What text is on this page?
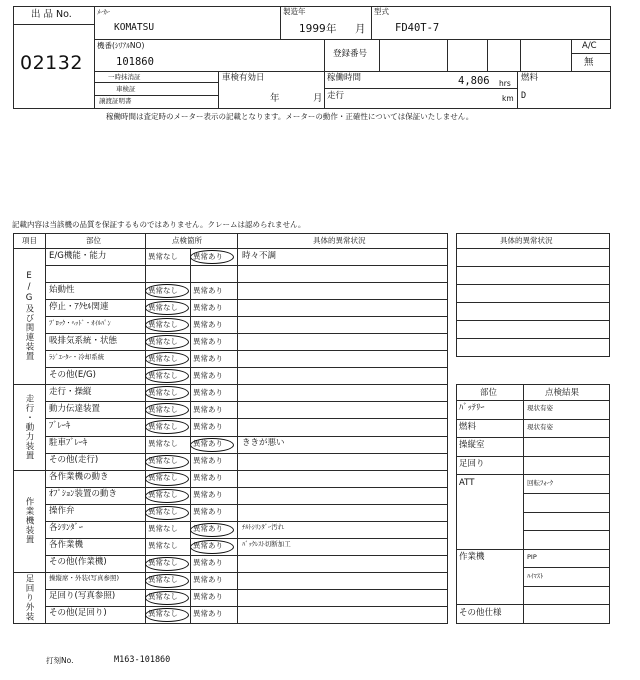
出 品 No.
02132
ﾒｰｶｰ
KOMATSU
製造年
1999 年 月
型式
FD40T-7
機番(ｼﾘｱﾙNO)
101860
登録番号
A/C
無
一時抹消証
車検証
譲渡証明書
車検有効日
年	月
稼働時間	4,806 hrs
km
走行
燃料
D
稼働時間は査定時のメーター表示の記載となります。メーターの動作・正確性については保証いたしません。
記載内容は当該機の品質を保証するものではありません。クレームは認められません。
項目	部位	点検箇所	具体的異常状況
E/G及び関連装置
E/G機能・能力	異常なし 異常あり 時々不調
始動性	異常なし 異常あり
停止・ｱｸｾﾙ関連	異常なし 異常あり
ﾌﾞﾛｯｸ・ﾍｯﾄﾞ・ｵｲﾙﾊﾟﾝ	異常なし 異常あり
吸排気系統・状態	異常なし 異常あり
ﾗｼﾞｴｰﾀｰ・冷却系統	異常なし 異常あり
その他(E/G)	異常なし 異常あり
走行・動力装置
走行・操縦	異常なし 異常あり
動力伝達装置	異常なし 異常あり
ﾌﾞﾚｰｷ	異常なし 異常あり
駐車ﾌﾞﾚｰｷ	異常なし 異常あり ききが悪い
その他(走行)	異常なし 異常あり
作業機装置
各作業機の動き	異常なし 異常あり
ｵﾌﾟｼｮﾝ装置の動き	異常なし 異常あり
操作弁	異常なし 異常あり
各ｼﾘﾝﾀﾞｰ	異常なし 異常あり	ﾁﾙﾄｼﾘﾝﾀﾞｰ汚れ
各作業機	異常なし 異常あり	ﾊﾞｯｸﾚｽﾄ切断加工
その他(作業機)	異常なし 異常あり
足回り外装	操縦席・外装(写真参照)	異常なし 異常あり
足回り(写真参照)	異常なし 異常あり
その他(足回り)	異常なし 異常あり
具体的異常状況
部位	点検結果
ﾊﾞｯﾃﾘｰ	現状有姿
燃料	現状有姿
操縦室
足回り
ATT	回転ﾌｫｰｸ
作業機	PIP
ﾊｲﾏｽﾄ
その他仕様
打刻No.	M163-101860
